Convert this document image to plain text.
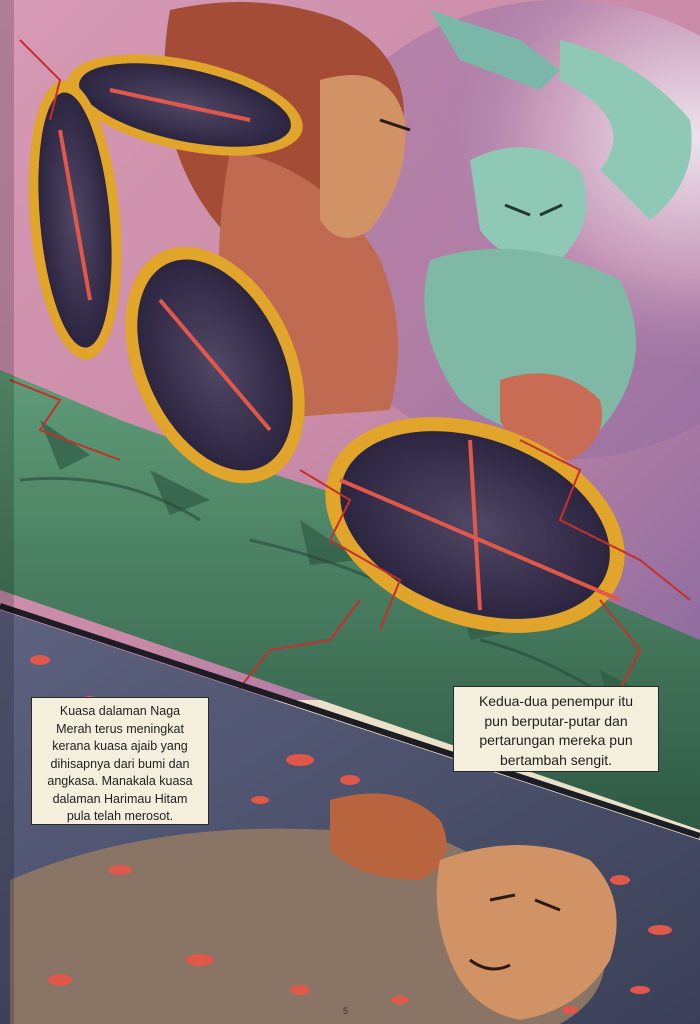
Kuasa dalaman Naga
Merah terus meningkat
kerana kuasa ajaib yang
dihisapnya dari bumi dan
angkasa. Manakala kuasa
dalaman Harimau Hitam
pula telah merosot.
Kedua-dua penempur itu
pun berputar-putar dan
pertarungan mereka pun
bertambah sengit.
5
